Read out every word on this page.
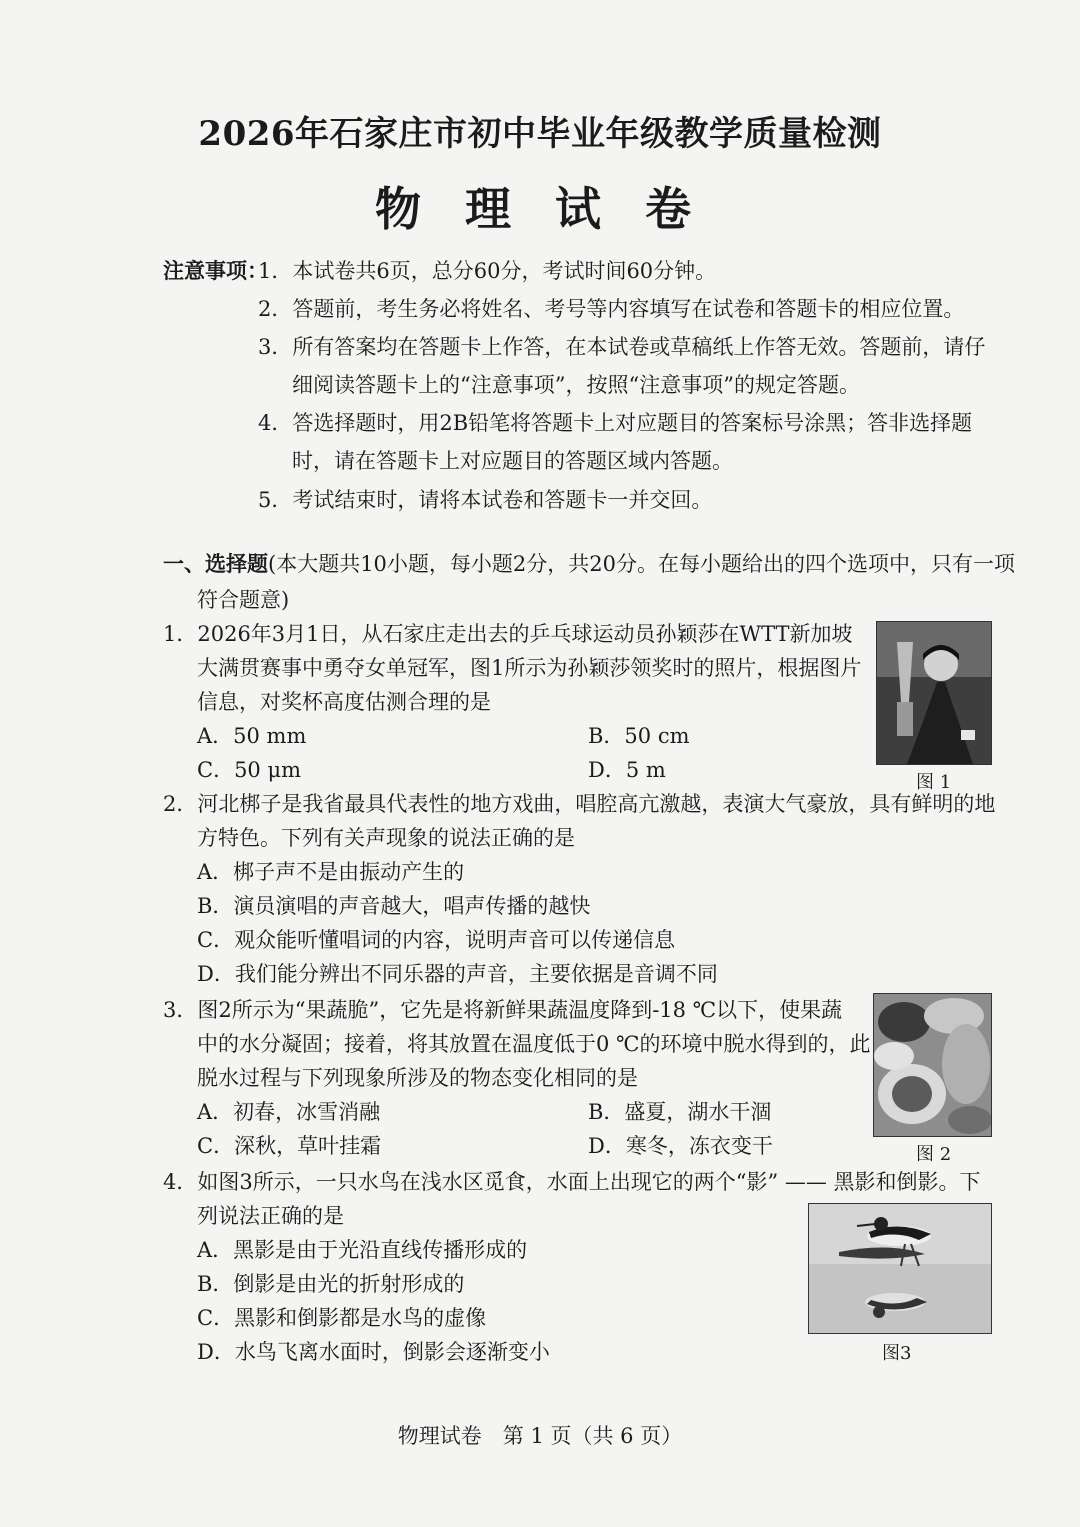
2026年石家庄市初中毕业年级教学质量检测
物 理 试 卷
注意事项：
1．本试卷共6页，总分60分，考试时间60分钟。
2．答题前，考生务必将姓名、考号等内容填写在试卷和答题卡的相应位置。
3．所有答案均在答题卡上作答，在本试卷或草稿纸上作答无效。答题前，请仔
细阅读答题卡上的“注意事项”，按照“注意事项”的规定答题。
4．答选择题时，用2B铅笔将答题卡上对应题目的答案标号涂黑；答非选择题
时，请在答题卡上对应题目的答题区域内答题。
5．考试结束时，请将本试卷和答题卡一并交回。
一、选择题 (本大题共10小题，每小题2分，共20分。在每小题给出的四个选项中，只有一项
符合题意)
1．2026年3月1日，从石家庄走出去的乒乓球运动员孙颖莎在WTT新加坡
大满贯赛事中勇夺女单冠军，图1所示为孙颖莎领奖时的照片，根据图片
信息，对奖杯高度估测合理的是
A．50 mm	B．50 cm
C．50 μm	D．5 m
图 1
2．河北梆子是我省最具代表性的地方戏曲，唱腔高亢激越，表演大气豪放，具有鲜明的地
方特色。下列有关声现象的说法正确的是
A．梆子声不是由振动产生的
B．演员演唱的声音越大，唱声传播的越快
C．观众能听懂唱词的内容，说明声音可以传递信息
D．我们能分辨出不同乐器的声音，主要依据是音调不同
3．图2所示为“果蔬脆”，它先是将新鲜果蔬温度降到-18 ℃以下，使果蔬
中的水分凝固；接着，将其放置在温度低于0 ℃的环境中脱水得到的，此
脱水过程与下列现象所涉及的物态变化相同的是
A．初春，冰雪消融	B．盛夏，湖水干涸
C．深秋，草叶挂霜	D．寒冬，冻衣变干	图 2
4．如图3所示，一只水鸟在浅水区觅食，水面上出现它的两个“影” —— 黑影和倒影。下
列说法正确的是
A．黑影是由于光沿直线传播形成的
B．倒影是由光的折射形成的
C．黑影和倒影都是水鸟的虚像
D．水鸟飞离水面时，倒影会逐渐变小	图3
物理试卷　第 1 页（共 6 页）
